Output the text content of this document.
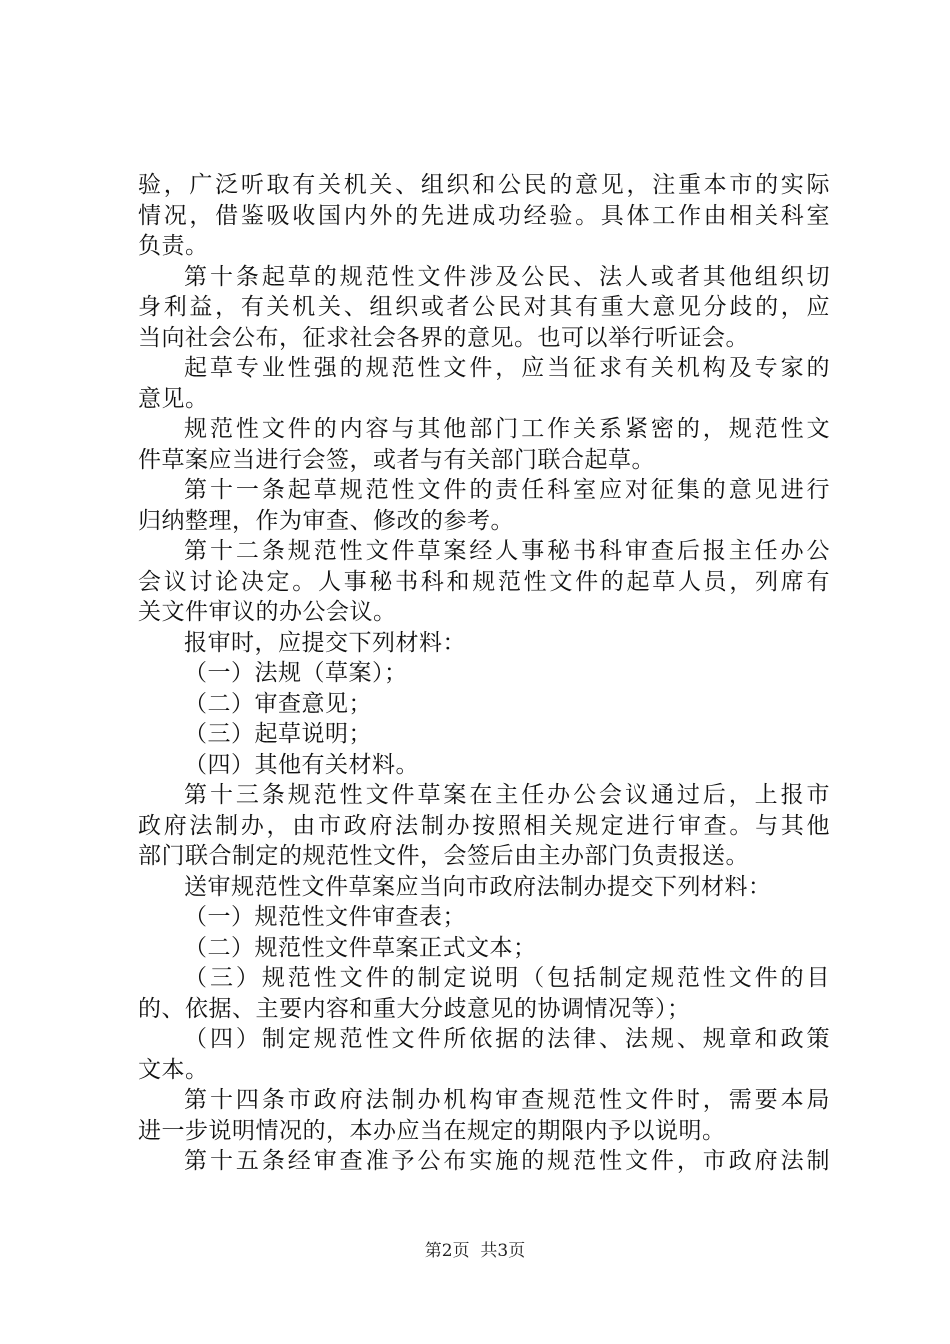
验，广泛听取有关机关、组织和公民的意见，注重本市的实际
情况，借鉴吸收国内外的先进成功经验。具体工作由相关科室
负责。
第十条起草的规范性文件涉及公民、法人或者其他组织切
身利益，有关机关、组织或者公民对其有重大意见分歧的，应
当向社会公布，征求社会各界的意见。也可以举行听证会。
起草专业性强的规范性文件，应当征求有关机构及专家的
意见。
规范性文件的内容与其他部门工作关系紧密的，规范性文
件草案应当进行会签，或者与有关部门联合起草。
第十一条起草规范性文件的责任科室应对征集的意见进行
归纳整理，作为审查、修改的参考。
第十二条规范性文件草案经人事秘书科审查后报主任办公
会议讨论决定。人事秘书科和规范性文件的起草人员，列席有
关文件审议的办公会议。
报审时，应提交下列材料：
（一）法规（草案）；
（二）审查意见；
（三）起草说明；
（四）其他有关材料。
第十三条规范性文件草案在主任办公会议通过后，上报市
政府法制办，由市政府法制办按照相关规定进行审查。与其他
部门联合制定的规范性文件，会签后由主办部门负责报送。
送审规范性文件草案应当向市政府法制办提交下列材料：
（一）规范性文件审查表；
（二）规范性文件草案正式文本；
（三）规范性文件的制定说明（包括制定规范性文件的目
的、依据、主要内容和重大分歧意见的协调情况等）；
（四）制定规范性文件所依据的法律、法规、规章和政策
文本。
第十四条市政府法制办机构审查规范性文件时，需要本局
进一步说明情况的，本办应当在规定的期限内予以说明。
第十五条经审查准予公布实施的规范性文件，市政府法制
第2页 共3页
